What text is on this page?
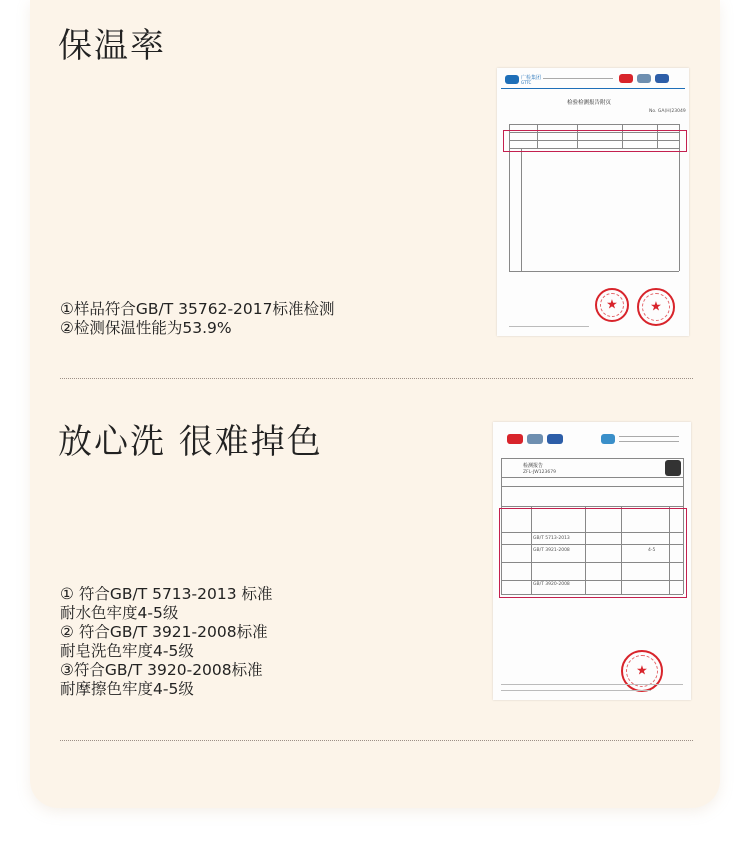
保温率
①样品符合GB/T 35762-2017标准检测
②检测保温性能为53.9%
广检集团
GTTC
检验检测报告附页
No. GA(H)23049
★ ★
放心洗 很难掉色
① 符合GB/T 5713-2013 标准
耐水色牢度4-5级
② 符合GB/T 3921-2008标准
耐皂洗色牢度4-5级
③符合GB/T 3920-2008标准
耐摩擦色牢度4-5级
检测报告
ZFL-JW123679
GB/T 5713-2013
GB/T 3921-2008
GB/T 3920-2008
4-5
★
